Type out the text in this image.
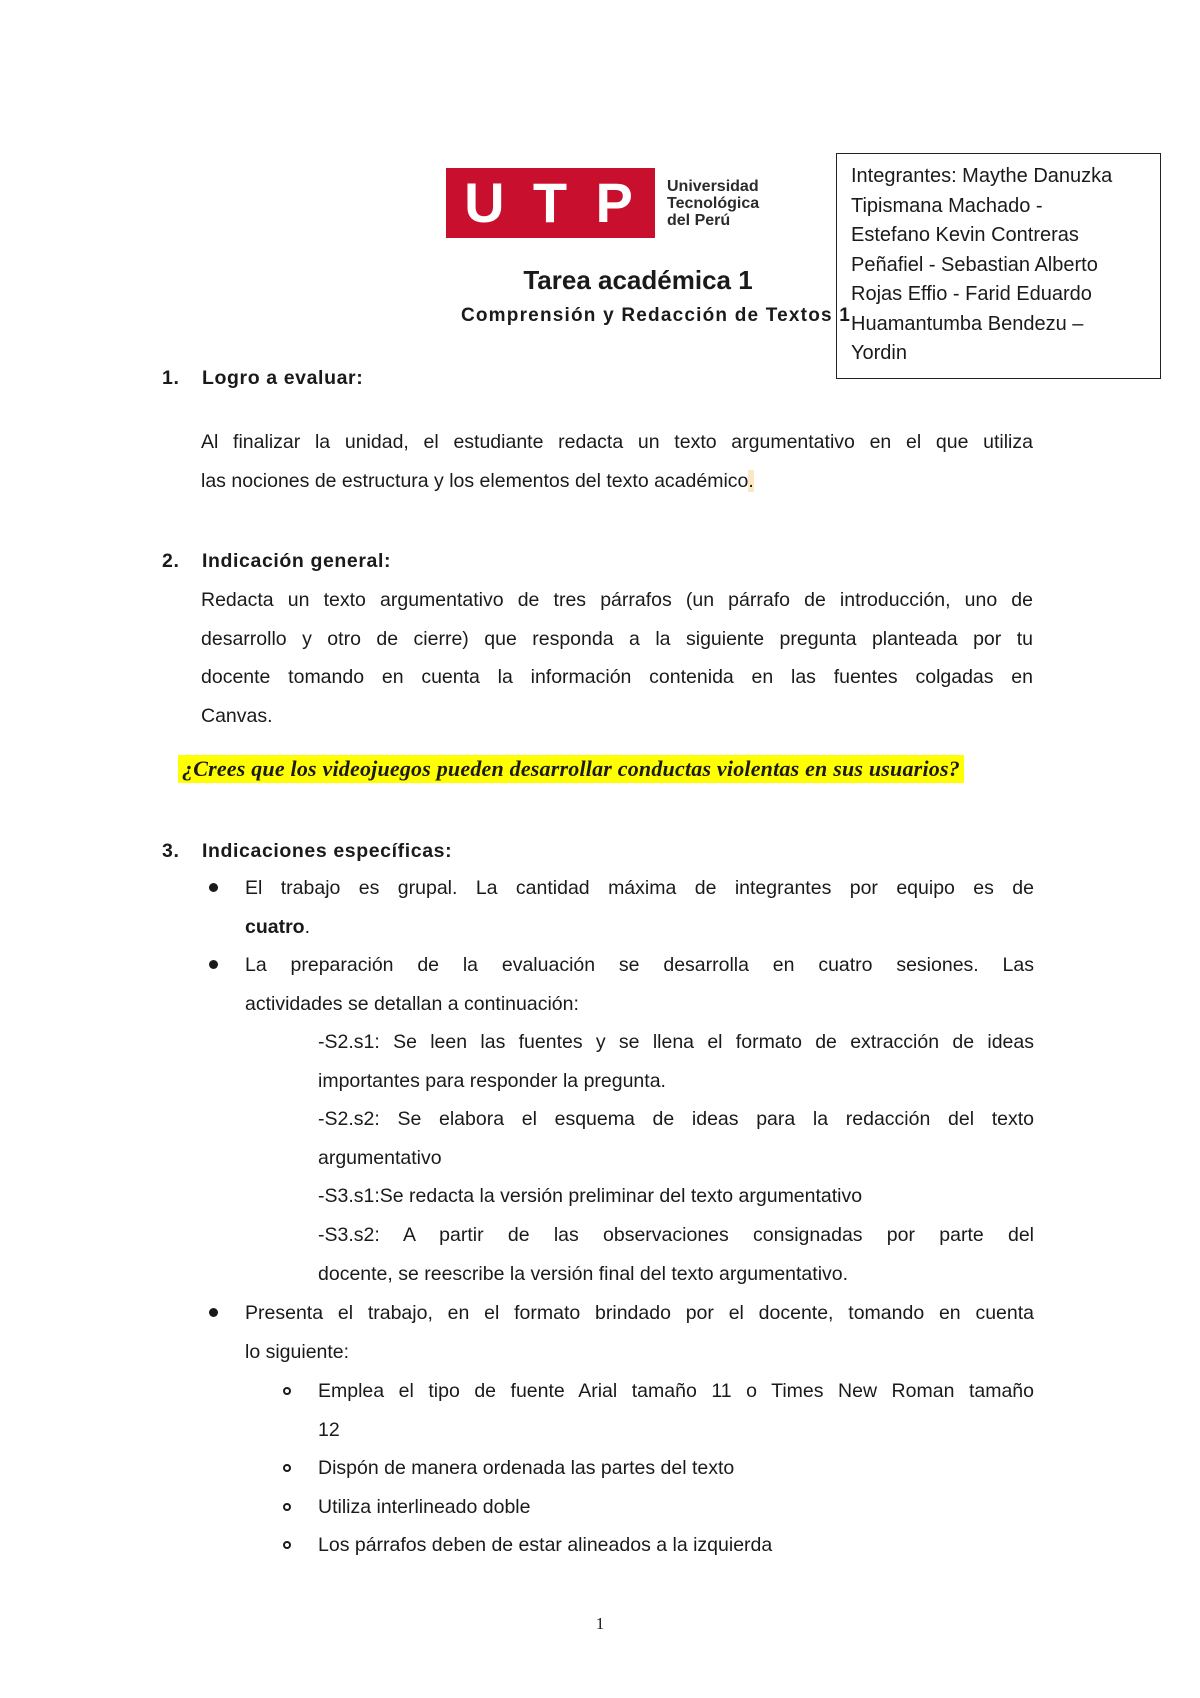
U T P Universidad
Tecnológica
del Perú
Integrantes: Maythe Danuzka
Tipismana Machado -
Estefano Kevin Contreras
Peñafiel - Sebastian Alberto
Rojas Effio - Farid Eduardo
Huamantumba Bendezu –
Yordin
Tarea académica 1
Comprensión y Redacción de Textos 1
1. Logro a evaluar:
Al finalizar la unidad, el estudiante redacta un texto argumentativo en el que utiliza
las nociones de estructura y los elementos del texto académico.
2. Indicación general:
Redacta un texto argumentativo de tres párrafos (un párrafo de introducción, uno de
desarrollo y otro de cierre) que responda a la siguiente pregunta planteada por tu
docente tomando en cuenta la información contenida en las fuentes colgadas en
Canvas.
¿Crees que los videojuegos pueden desarrollar conductas violentas en sus usuarios?
3. Indicaciones específicas:
El trabajo es grupal. La cantidad máxima de integrantes por equipo es de
cuatro.
La preparación de la evaluación se desarrolla en cuatro sesiones. Las
actividades se detallan a continuación:
-S2.s1: Se leen las fuentes y se llena el formato de extracción de ideas
importantes para responder la pregunta.
-S2.s2: Se elabora el esquema de ideas para la redacción del texto
argumentativo
-S3.s1:Se redacta la versión preliminar del texto argumentativo
-S3.s2: A partir de las observaciones consignadas por parte del
docente, se reescribe la versión final del texto argumentativo.
Presenta el trabajo, en el formato brindado por el docente, tomando en cuenta
lo siguiente:
Emplea el tipo de fuente Arial tamaño 11 o Times New Roman tamaño
12
Dispón de manera ordenada las partes del texto
Utiliza interlineado doble
Los párrafos deben de estar alineados a la izquierda
1
